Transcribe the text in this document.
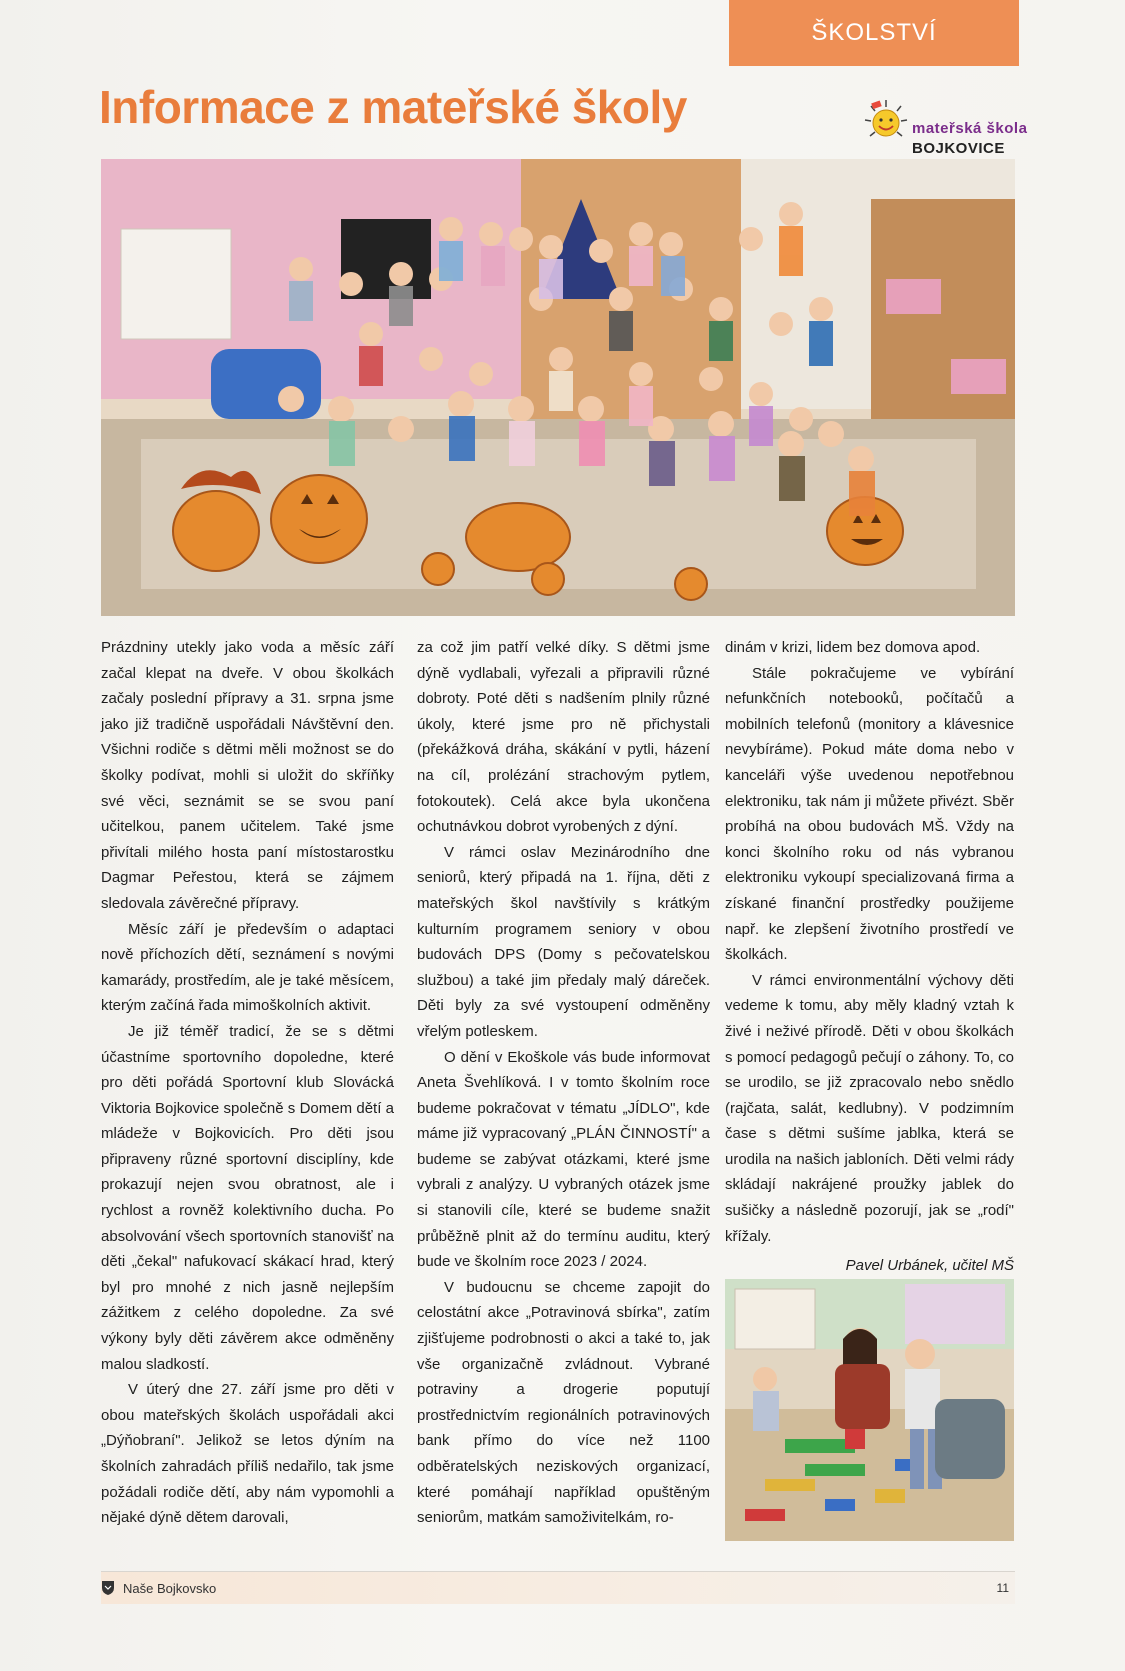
ŠKOLSTVÍ
Informace z mateřské školy	mateřská škola
BOJKOVICE

Prázdniny utekly jako voda a měsíc září začal klepat na dveře. V obou školkách začaly poslední přípravy a 31. srpna jsme jako již tradičně uspořádali Návštěvní den. Všichni rodiče s dětmi měli možnost se do školky podívat, mohli si uložit do skříňky své věci, seznámit se se svou paní učitelkou, panem učitelem. Také jsme přivítali milého hosta paní místostarostku Dagmar Peřestou, která se zájmem sledovala závěrečné přípravy.

Měsíc září je především o adaptaci nově příchozích dětí, seznámení s novými kamarády, prostředím, ale je také měsícem, kterým začíná řada mimoškolních aktivit.

Je již téměř tradicí, že se s dětmi účastníme sportovního dopoledne, které pro děti pořádá Sportovní klub Slovácká Viktoria Bojkovice společně s Domem dětí a mládeže v Bojkovicích. Pro děti jsou připraveny různé sportovní disciplíny, kde prokazují nejen svou obratnost, ale i rychlost a rovněž kolektivního ducha. Po absolvování všech sportovních stanovišť na děti „čekal" nafukovací skákací hrad, který byl pro mnohé z nich jasně nejlepším zážitkem z celého dopoledne. Za své výkony byly děti závěrem akce odměněny malou sladkostí.

V úterý dne 27. září jsme pro děti v obou mateřských školách uspořádali akci „Dýňobraní". Jelikož se letos dýním na školních zahradách příliš nedařilo, tak jsme požádali rodiče dětí, aby nám vypomohli a nějaké dýně dětem darovali,

za což jim patří velké díky. S dětmi jsme dýně vydlabali, vyřezali a připravili různé dobroty. Poté děti s nadšením plnily různé úkoly, které jsme pro ně přichystali (překážková dráha, skákání v pytli, házení na cíl, prolézání strachovým pytlem, fotokoutek). Celá akce byla ukončena ochutnávkou dobrot vyrobených z dýní.

V rámci oslav Mezinárodního dne seniorů, který připadá na 1. října, děti z mateřských škol navštívily s krátkým kulturním programem seniory v obou budovách DPS (Domy s pečovatelskou službou) a také jim předaly malý dáreček. Děti byly za své vystoupení odměněny vřelým potleskem.

O dění v Ekoškole vás bude informovat Aneta Švehlíková. I v tomto školním roce budeme pokračovat v tématu „JÍDLO", kde máme již vypracovaný „PLÁN ČINNOSTÍ" a budeme se zabývat otázkami, které jsme vybrali z analýzy. U vybraných otázek jsme si stanovili cíle, které se budeme snažit průběžně plnit až do termínu auditu, který bude ve školním roce 2023 / 2024.

V budoucnu se chceme zapojit do celostátní akce „Potravinová sbírka", zatím zjišťujeme podrobnosti o akci a také to, jak vše organizačně zvládnout. Vybrané potraviny a drogerie poputují prostřednictvím regionálních potravinových bank přímo do více než 1100 odběratelských neziskových organizací, které pomáhají například opuštěným seniorům, matkám samoživitelkám, ro-

dinám v krizi, lidem bez domova apod.

Stále pokračujeme ve vybírání nefunkčních notebooků, počítačů a mobilních telefonů (monitory a klávesnice nevybíráme). Pokud máte doma nebo v kanceláři výše uvedenou nepotřebnou elektroniku, tak nám ji můžete přivézt. Sběr probíhá na obou budovách MŠ. Vždy na konci školního roku od nás vybranou elektroniku vykoupí specializovaná firma a získané finanční prostředky použijeme např. ke zlepšení životního prostředí ve školkách.

V rámci environmentální výchovy děti vedeme k tomu, aby měly kladný vztah k živé i neživé přírodě. Děti v obou školkách s pomocí pedagogů pečují o záhony. To, co se urodilo, se již zpracovalo nebo snědlo (rajčata, salát, kedlubny). V podzimním čase s dětmi sušíme jablka, která se urodila na našich jabloních. Děti velmi rády skládají nakrájené proužky jablek do sušičky a následně pozorují, jak se „rodí" křížaly.

Pavel Urbánek, učitel MŠ
Naše Bojkovsko	11
